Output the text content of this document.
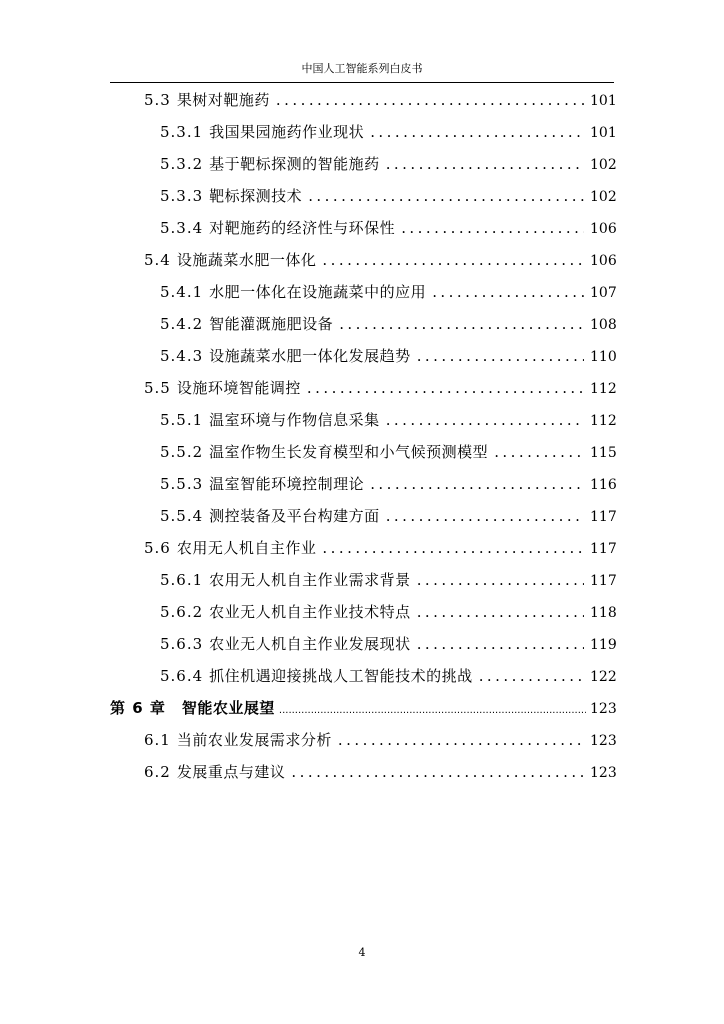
中国人工智能系列白皮书
5.3 果树对靶施药 . . .	101
5.3.1 我国果园施药作业现状 . . .	101
5.3.2 基于靶标探测的智能施药 . . .	102
5.3.3 靶标探测技术 . . .	102
5.3.4 对靶施药的经济性与环保性 . . .	106
5.4 设施蔬菜水肥一体化 . . .	106
5.4.1 水肥一体化在设施蔬菜中的应用 . . .	107
5.4.2 智能灌溉施肥设备 . . .	108
5.4.3 设施蔬菜水肥一体化发展趋势 . . .	110
5.5 设施环境智能调控 . . .	112
5.5.1 温室环境与作物信息采集 . . .	112
5.5.2 温室作物生长发育模型和小气候预测模型 . . .	115
5.5.3 温室智能环境控制理论 . . .	116
5.5.4 测控装备及平台构建方面 . . .	117
5.6 农用无人机自主作业 . . .	117
5.6.1 农用无人机自主作业需求背景 . . .	117
5.6.2 农业无人机自主作业技术特点 . . .	118
5.6.3 农业无人机自主作业发展现状 . . .	119
5.6.4 抓住机遇迎接挑战人工智能技术的挑战 . . .	122
第 6 章 智能农业展望 .....	123
6.1 当前农业发展需求分析 . . .	123
6.2 发展重点与建议 . . .	123
4
